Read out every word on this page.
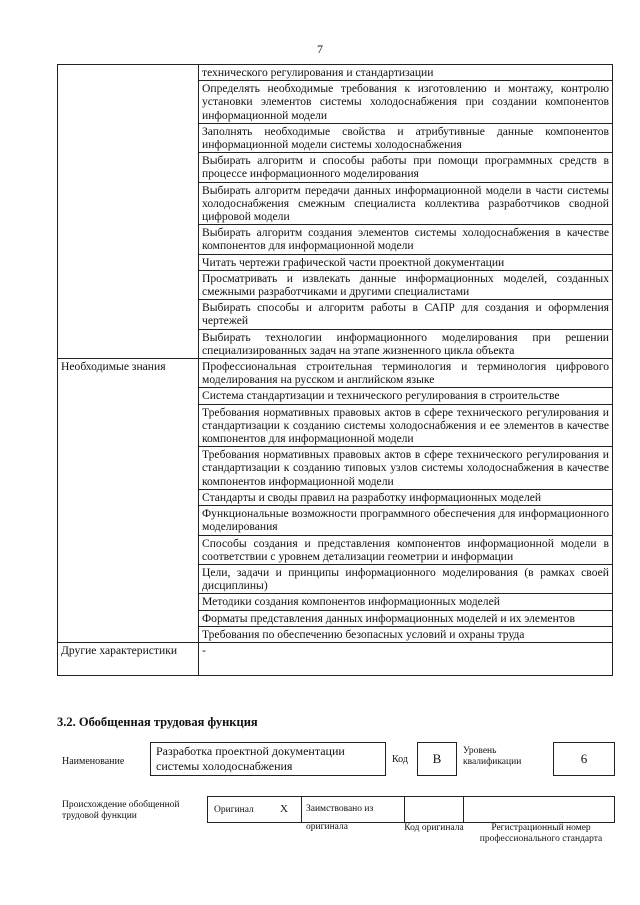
7
	технического регулирования и стандартизации
	Определять необходимые требования к изготовлению и монтажу, контролю установки элементов системы холодоснабжения при создании компонентов информационной модели
	Заполнять необходимые свойства и атрибутивные данные компонентов информационной модели системы холодоснабжения
	Выбирать алгоритм и способы работы при помощи программных средств в процессе информационного моделирования
	Выбирать алгоритм передачи данных информационной модели в части системы холодоснабжения смежным специалиста коллектива разработчиков сводной цифровой модели
	Выбирать алгоритм создания элементов системы холодоснабжения в качестве компонентов для информационной модели
	Читать чертежи графической части проектной документации
	Просматривать и извлекать данные информационных моделей, созданных смежными разработчиками и другими специалистами
	Выбирать способы и алгоритм работы в САПР для создания и оформления чертежей
	Выбирать технологии информационного моделирования при решении специализированных задач на этапе жизненного цикла объекта
Необходимые знания	Профессиональная строительная терминология и терминология цифрового моделирования на русском и английском языке
	Система стандартизации и технического регулирования в строительстве
	Требования нормативных правовых актов в сфере технического регулирования и стандартизации к созданию системы холодоснабжения и ее элементов в качестве компонентов для информационной модели
	Требования нормативных правовых актов в сфере технического регулирования и стандартизации к созданию типовых узлов системы холодоснабжения в качестве компонентов информационной модели
	Стандарты и своды правил на разработку информационных моделей
	Функциональные возможности программного обеспечения для информационного моделирования
	Способы создания и представления компонентов информационной модели в соответствии с уровнем детализации геометрии и информации
	Цели, задачи и принципы информационного моделирования (в рамках своей дисциплины)
	Методики создания компонентов информационных моделей
	Форматы представления данных информационных моделей и их элементов
	Требования по обеспечению безопасных условий и охраны труда
Другие характеристики	-
3.2. Обобщенная трудовая функция
Наименование
Разработка проектной документации системы холодоснабжения	Код	B	Уровень квалификации	6
Происхождение обобщенной трудовой функции
Оригинал X	Заимствовано из оригинала	Код оригинала	Регистрационный номер профессионального стандарта
